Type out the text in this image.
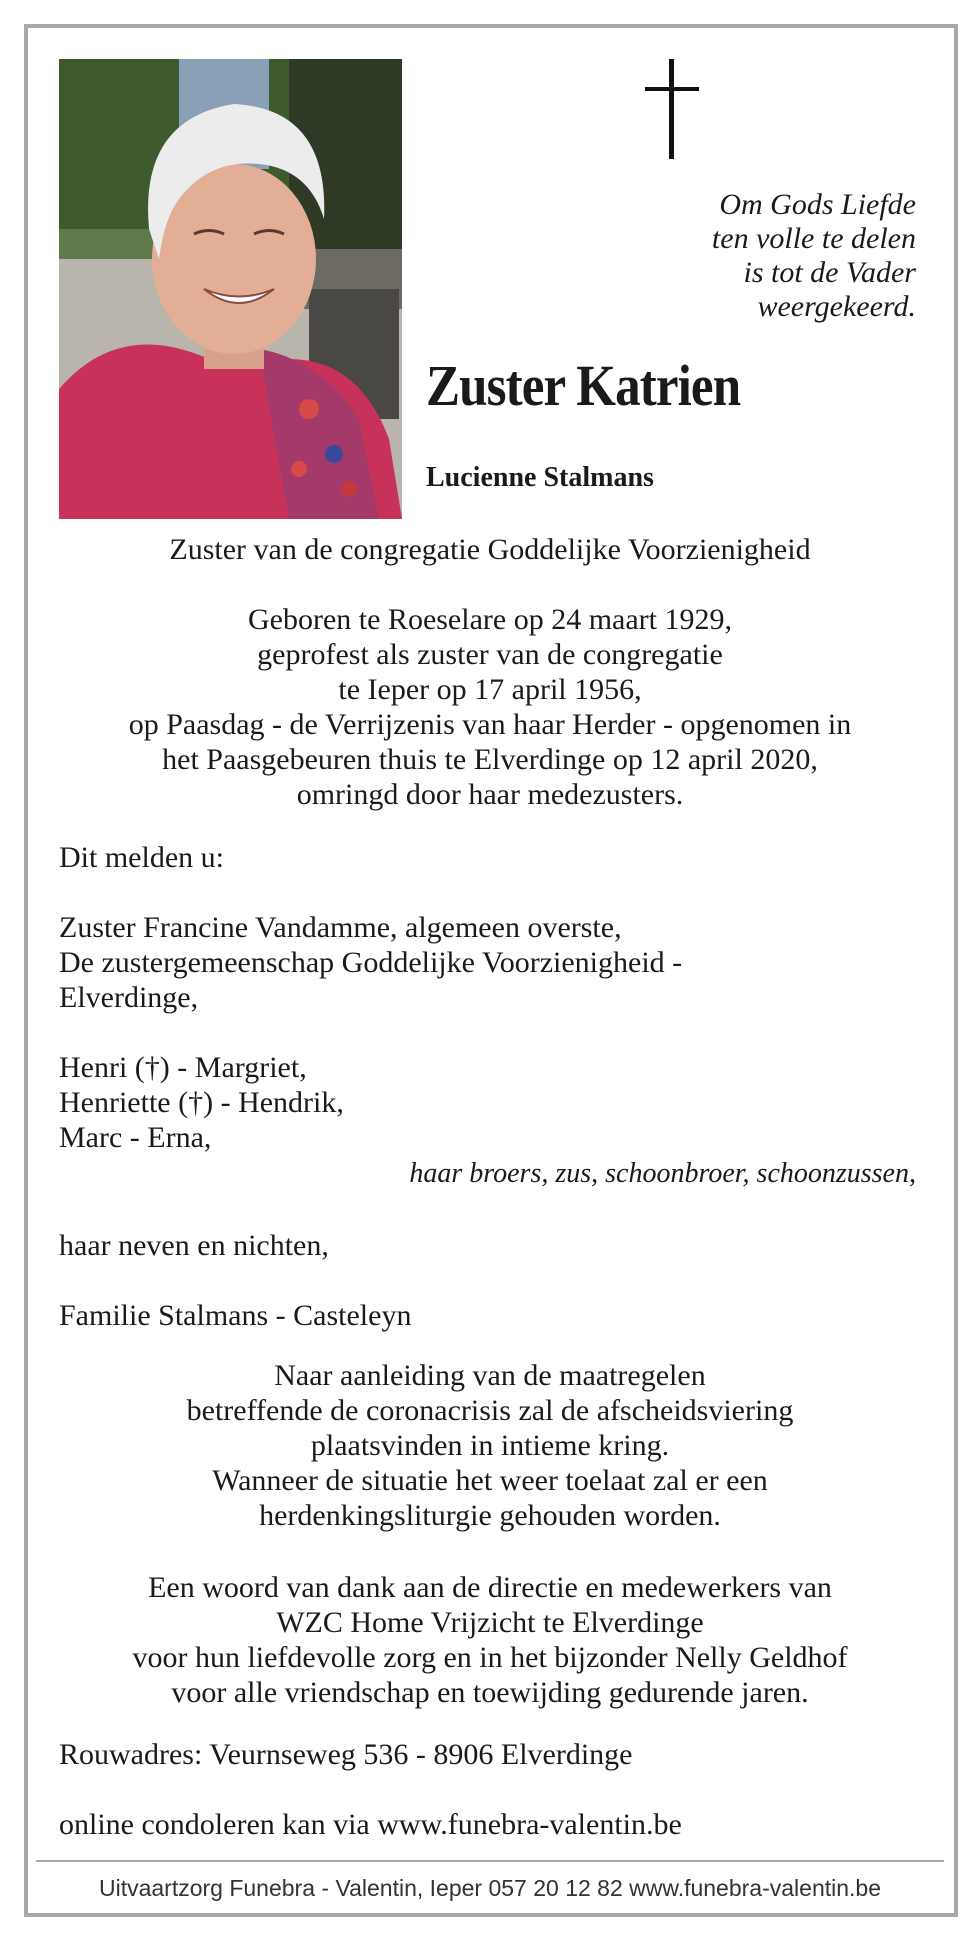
Om Gods Liefde
ten volle te delen
is tot de Vader
weergekeerd.
Zuster Katrien
Lucienne Stalmans
Zuster van de congregatie Goddelijke Voorzienigheid
Geboren te Roeselare op 24 maart 1929,
geprofest als zuster van de congregatie
te Ieper op 17 april 1956,
op Paasdag - de Verrijzenis van haar Herder - opgenomen in
het Paasgebeuren thuis te Elverdinge op 12 april 2020,
omringd door haar medezusters.
Dit melden u:
Zuster Francine Vandamme, algemeen overste,
De zustergemeenschap Goddelijke Voorzienigheid -
Elverdinge,
Henri (†) - Margriet,
Henriette (†) - Hendrik,
Marc - Erna,
haar broers, zus, schoonbroer, schoonzussen,
haar neven en nichten,
Familie Stalmans - Casteleyn
Naar aanleiding van de maatregelen
betreffende de coronacrisis zal de afscheidsviering
plaatsvinden in intieme kring.
Wanneer de situatie het weer toelaat zal er een
herdenkingsliturgie gehouden worden.
Een woord van dank aan de directie en medewerkers van
WZC Home Vrijzicht te Elverdinge
voor hun liefdevolle zorg en in het bijzonder Nelly Geldhof
voor alle vriendschap en toewijding gedurende jaren.
Rouwadres: Veurnseweg 536 - 8906 Elverdinge
online condoleren kan via www.funebra-valentin.be
Uitvaartzorg Funebra - Valentin, Ieper 057 20 12 82 www.funebra-valentin.be
